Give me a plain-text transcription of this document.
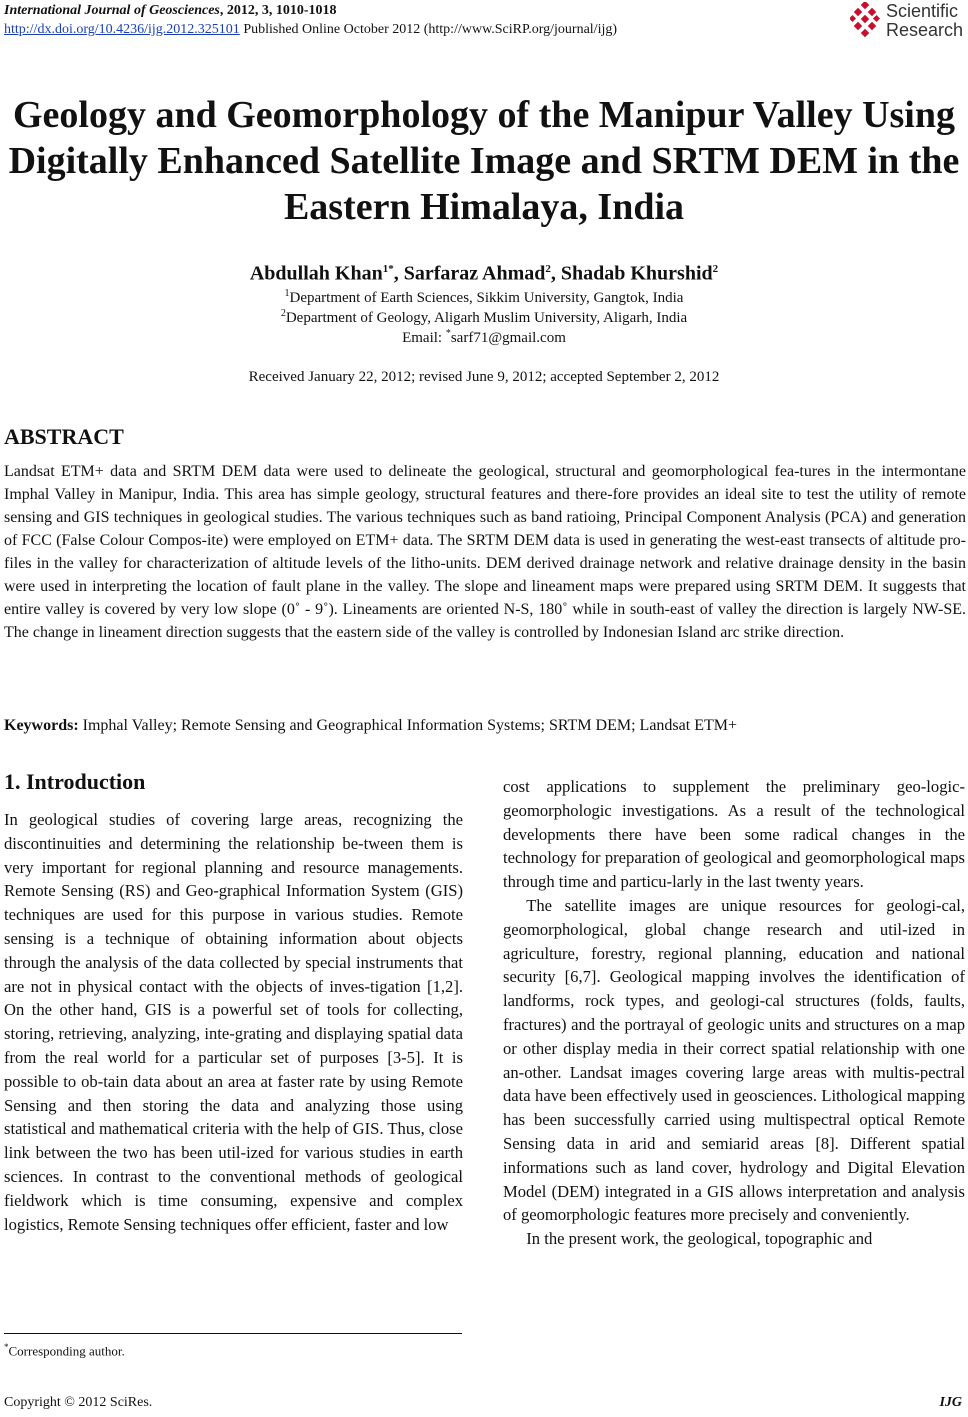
International Journal of Geosciences, 2012, 3, 1010-1018
http://dx.doi.org/10.4236/ijg.2012.325101 Published Online October 2012 (http://www.SciRP.org/journal/ijg)
Scientific
Research
Geology and Geomorphology of the Manipur Valley Using
Digitally Enhanced Satellite Image and SRTM DEM in the
Eastern Himalaya, India
Abdullah Khan$^{1*}$, Sarfaraz Ahmad$^2$, Shadab Khurshid$^2$
$^1$Department of Earth Sciences, Sikkim University, Gangtok, India
$^2$Department of Geology, Aligarh Muslim University, Aligarh, India
Email: *sarf71@gmail.com
Received January 22, 2012; revised June 9, 2012; accepted September 2, 2012
ABSTRACT
Landsat ETM+ data and SRTM DEM data were used to delineate the geological, structural and geomorphological fea-tures in the intermontane Imphal Valley in Manipur, India. This area has simple geology, structural features and there-fore provides an ideal site to test the utility of remote sensing and GIS techniques in geological studies. The various techniques such as band ratioing, Principal Component Analysis (PCA) and generation of FCC (False Colour Compos-ite) were employed on ETM+ data. The SRTM DEM data is used in generating the west-east transects of altitude pro-files in the valley for characterization of altitude levels of the litho-units. DEM derived drainage network and relative drainage density in the basin were used in interpreting the location of fault plane in the valley. The slope and lineament maps were prepared using SRTM DEM. It suggests that entire valley is covered by very low slope (0˚ - 9˚). Lineaments are oriented N-S, 180˚ while in south-east of valley the direction is largely NW-SE. The change in lineament direction suggests that the eastern side of the valley is controlled by Indonesian Island arc strike direction.
Keywords: Imphal Valley; Remote Sensing and Geographical Information Systems; SRTM DEM; Landsat ETM+
1. Introduction

In geological studies of covering large areas, recognizing the discontinuities and determining the relationship be-tween them is very important for regional planning and resource managements. Remote Sensing (RS) and Geo-graphical Information System (GIS) techniques are used for this purpose in various studies. Remote sensing is a technique of obtaining information about objects through the analysis of the data collected by special instruments that are not in physical contact with the objects of inves-tigation [1,2]. On the other hand, GIS is a powerful set of tools for collecting, storing, retrieving, analyzing, inte-grating and displaying spatial data from the real world for a particular set of purposes [3-5]. It is possible to ob-tain data about an area at faster rate by using Remote Sensing and then storing the data and analyzing those using statistical and mathematical criteria with the help of GIS. Thus, close link between the two has been util-ized for various studies in earth sciences. In contrast to the conventional methods of geological fieldwork which is time consuming, expensive and complex logistics, Remote Sensing techniques offer efficient, faster and low

cost applications to supplement the preliminary geo-logic-geomorphologic investigations. As a result of the technological developments there have been some radical changes in the technology for preparation of geological and geomorphological maps through time and particu-larly in the last twenty years.

The satellite images are unique resources for geologi-cal, geomorphological, global change research and util-ized in agriculture, forestry, regional planning, education and national security [6,7]. Geological mapping involves the identification of landforms, rock types, and geologi-cal structures (folds, faults, fractures) and the portrayal of geologic units and structures on a map or other display media in their correct spatial relationship with one an-other. Landsat images covering large areas with multis-pectral data have been effectively used in geosciences. Lithological mapping has been successfully carried using multispectral optical Remote Sensing data in arid and semiarid areas [8]. Different spatial informations such as land cover, hydrology and Digital Elevation Model (DEM) integrated in a GIS allows interpretation and analysis of geomorphologic features more precisely and conveniently.

In the present work, the geological, topographic and

*Corresponding author.
Copyright © 2012 SciRes.	IJG
